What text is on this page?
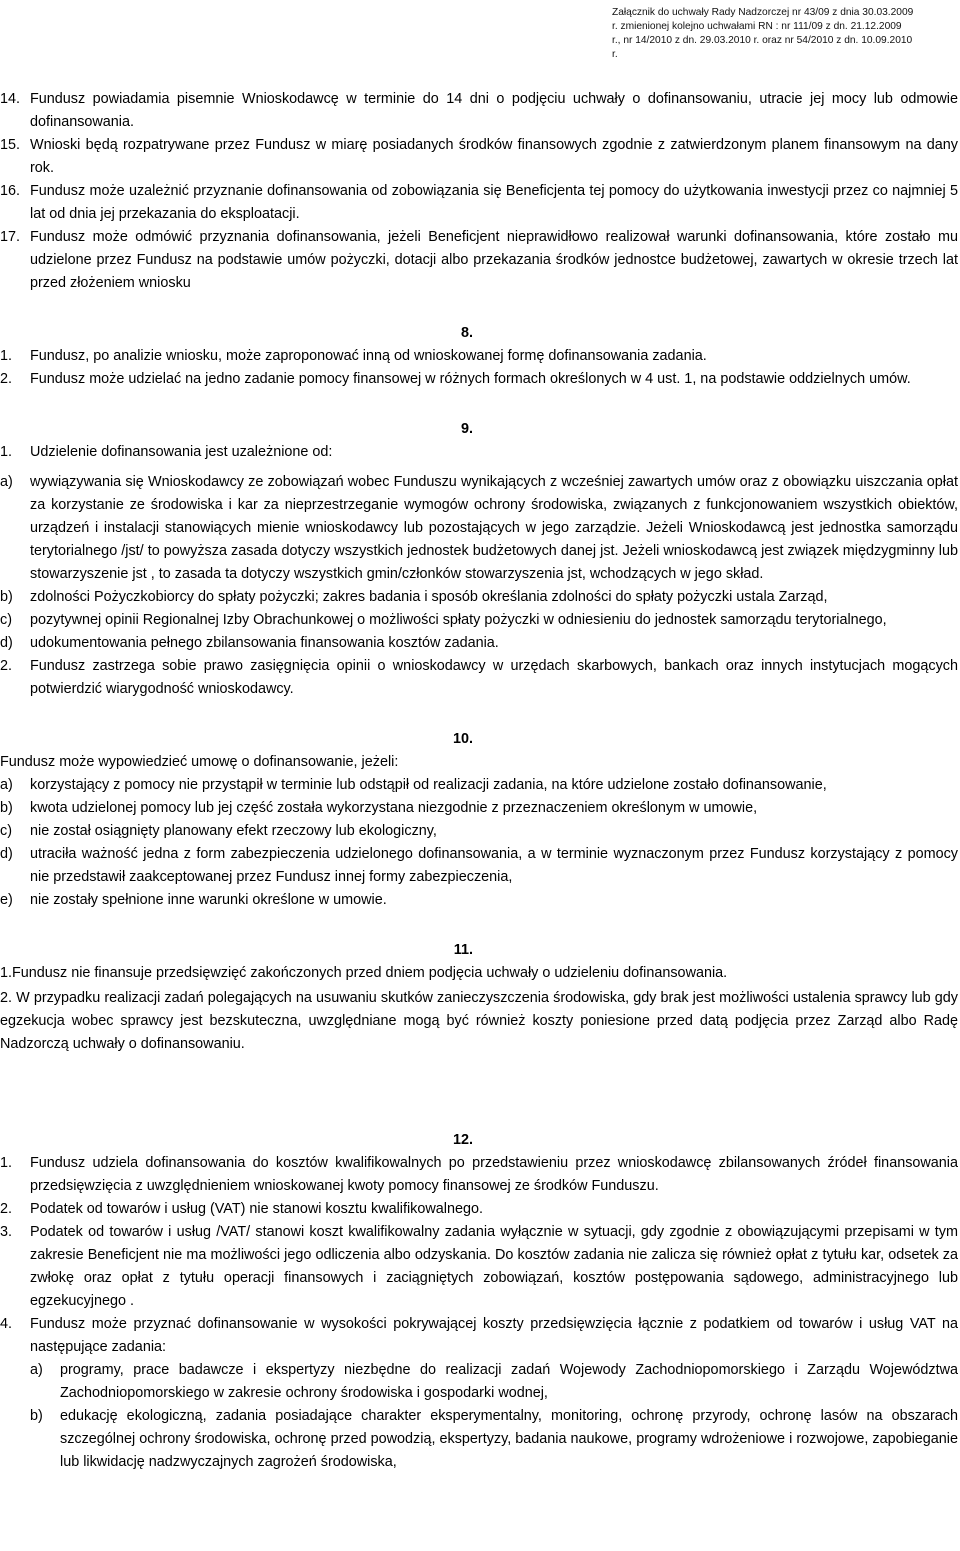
Załącznik do uchwały Rady Nadzorczej nr 43/09 z dnia 30.03.2009
r. zmienionej kolejno uchwałami RN : nr 111/09 z dn. 21.12.2009
r., nr 14/2010 z dn. 29.03.2010 r. oraz nr 54/2010 z dn. 10.09.2010
r.
14. Fundusz powiadamia pisemnie Wnioskodawcę w terminie do 14 dni o podjęciu uchwały o dofinansowaniu, utracie jej mocy lub odmowie dofinansowania.
15. Wnioski będą rozpatrywane przez Fundusz w miarę posiadanych środków finansowych zgodnie z zatwierdzonym planem finansowym na dany rok.
16. Fundusz może uzależnić przyznanie dofinansowania od zobowiązania się Beneficjenta tej pomocy do użytkowania inwestycji przez co najmniej 5 lat od dnia jej przekazania do eksploatacji.
17. Fundusz może odmówić przyznania dofinansowania, jeżeli Beneficjent nieprawidłowo realizował warunki dofinansowania, które zostało mu udzielone przez Fundusz na podstawie umów pożyczki, dotacji albo przekazania środków jednostce budżetowej, zawartych w okresie trzech lat przed złożeniem wniosku
8.
1. Fundusz, po analizie wniosku, może zaproponować inną od wnioskowanej formę dofinansowania zadania.
2. Fundusz może udzielać na jedno zadanie pomocy finansowej w różnych formach określonych w 4 ust. 1, na podstawie oddzielnych umów.
9.
1. Udzielenie dofinansowania jest uzależnione od:
a) wywiązywania się Wnioskodawcy ze zobowiązań wobec Funduszu wynikających z wcześniej zawartych umów oraz z obowiązku uiszczania opłat za korzystanie ze środowiska i kar za nieprzestrzeganie wymogów ochrony środowiska, związanych z funkcjonowaniem wszystkich obiektów, urządzeń i instalacji stanowiących mienie wnioskodawcy lub pozostających w jego zarządzie. Jeżeli Wnioskodawcą jest jednostka samorządu terytorialnego /jst/ to powyższa zasada dotyczy wszystkich jednostek budżetowych danej jst. Jeżeli wnioskodawcą jest związek międzygminny lub stowarzyszenie jst , to zasada ta dotyczy wszystkich gmin/członków stowarzyszenia jst, wchodzących w jego skład.
b) zdolności Pożyczkobiorcy do spłaty pożyczki; zakres badania i sposób określania zdolności do spłaty pożyczki ustala Zarząd,
c) pozytywnej opinii Regionalnej Izby Obrachunkowej o możliwości spłaty pożyczki w odniesieniu do jednostek samorządu terytorialnego,
d) udokumentowania pełnego zbilansowania finansowania kosztów zadania.
2. Fundusz zastrzega sobie prawo zasięgnięcia opinii o wnioskodawcy w urzędach skarbowych, bankach oraz innych instytucjach mogących potwierdzić wiarygodność wnioskodawcy.
10.
Fundusz może wypowiedzieć umowę o dofinansowanie, jeżeli:
a) korzystający z pomocy nie przystąpił w terminie lub odstąpił od realizacji zadania, na które udzielone zostało dofinansowanie,
b) kwota udzielonej pomocy lub jej część została wykorzystana niezgodnie z przeznaczeniem określonym w umowie,
c) nie został osiągnięty planowany efekt rzeczowy lub ekologiczny,
d) utraciła ważność jedna z form zabezpieczenia udzielonego dofinansowania, a w terminie wyznaczonym przez Fundusz korzystający z pomocy nie przedstawił zaakceptowanej przez Fundusz innej formy zabezpieczenia,
e) nie zostały spełnione inne warunki określone w umowie.
11.
1.Fundusz nie finansuje przedsięwzięć zakończonych przed dniem podjęcia uchwały o udzieleniu dofinansowania.
2. W przypadku realizacji zadań polegających na usuwaniu skutków zanieczyszczenia środowiska, gdy brak jest możliwości ustalenia sprawcy lub gdy egzekucja wobec sprawcy jest bezskuteczna, uwzględniane mogą być również koszty poniesione przed datą podjęcia przez Zarząd albo Radę Nadzorczą uchwały o dofinansowaniu.
12.
1. Fundusz udziela dofinansowania do kosztów kwalifikowalnych po przedstawieniu przez wnioskodawcę zbilansowanych źródeł finansowania przedsięwzięcia z uwzględnieniem wnioskowanej kwoty pomocy finansowej ze środków Funduszu.
2. Podatek od towarów i usług (VAT) nie stanowi kosztu kwalifikowalnego.
3. Podatek od towarów i usług /VAT/ stanowi koszt kwalifikowalny zadania wyłącznie w sytuacji, gdy zgodnie z obowiązującymi przepisami w tym zakresie Beneficjent nie ma możliwości jego odliczenia albo odzyskania. Do kosztów zadania nie zalicza się również opłat z tytułu kar, odsetek za zwłokę oraz opłat z tytułu operacji finansowych i zaciągniętych zobowiązań, kosztów postępowania sądowego, administracyjnego lub egzekucyjnego .
4. Fundusz może przyznać dofinansowanie w wysokości pokrywającej koszty przedsięwzięcia łącznie z podatkiem od towarów i usług VAT na następujące zadania:
a) programy, prace badawcze i ekspertyzy niezbędne do realizacji zadań Wojewody Zachodniopomorskiego i Zarządu Województwa Zachodniopomorskiego w zakresie ochrony środowiska i gospodarki wodnej,
b) edukację ekologiczną, zadania posiadające charakter eksperymentalny, monitoring, ochronę przyrody, ochronę lasów na obszarach szczególnej ochrony środowiska, ochronę przed powodzią, ekspertyzy, badania naukowe, programy wdrożeniowe i rozwojowe, zapobieganie lub likwidację nadzwyczajnych zagrożeń środowiska,
